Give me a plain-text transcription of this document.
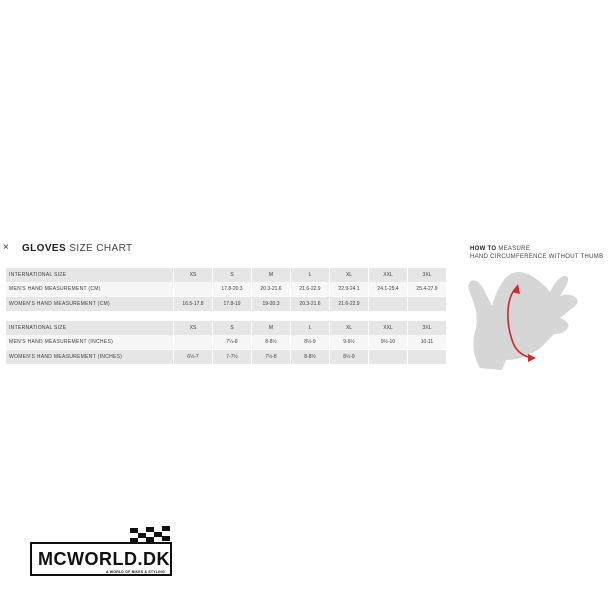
× GLOVES SIZE CHART
INTERNATIONAL SIZE	XS	S	M	L	XL	XXL	3XL
MEN'S HAND MEASUREMENT (CM)		17.8-20.3	20.3-21.6	21.6-22.9	22.9-24.1	24.1-25.4	25.4-27.9
WOMEN'S HAND MEASUREMENT (CM)	16.5-17.8	17.8-19	19-20.3	20.3-21.6	21.6-22.9		
INTERNATIONAL SIZE	XS	S	M	L	XL	XXL	3XL
MEN'S HAND MEASUREMENT (INCHES)		7¼-8	8-8½	8½-9	9-9½	9½-10	10-11
WOMEN'S HAND MEASUREMENT (INCHES)	6½-7	7-7½	7½-8	8-8½	8½-9		
HOW TO MEASURE
HAND CIRCUMFERENCE WITHOUT THUMB
MCWORLD.DK
A WORLD OF BIKES & STYLING
